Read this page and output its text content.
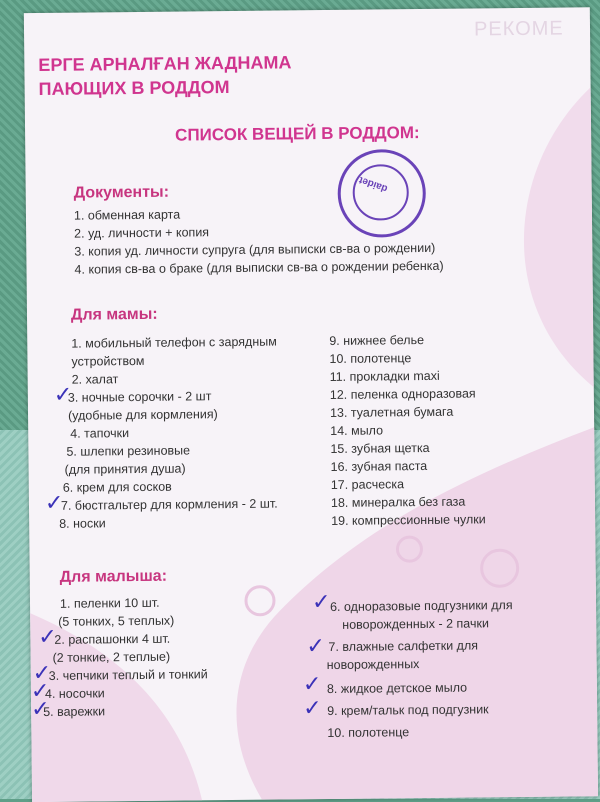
РЕКОМЕ
ЕРГЕ АРНАЛҒАН ЖАДНАМА
ПАЮЩИХ В РОДДОМ
СПИСОК ВЕЩЕЙ В РОДДОМ:
daidet
Документы:
1. обменная карта
2. уд. личности + копия
3. копия уд. личности супруга (для выписки св-ва о рождении)
4. копия св-ва о браке (для выписки св-ва о рождении ребенка)
Для мамы:
1. мобильный телефон с зарядным
устройством
2. халат
3. ночные сорочки - 2 шт
(удобные для кормления)
4. тапочки
5. шлепки резиновые
(для принятия душа)
6. крем для сосков
7. бюстгальтер для кормления - 2 шт.
8. носки
9. нижнее белье
10. полотенце
11. прокладки maxi
12. пеленка одноразовая
13. туалетная бумага
14. мыло
15. зубная щетка
16. зубная паста
17. расческа
18. минералка без газа
19. компрессионные чулки
Для малыша:
1. пеленки 10 шт.
(5 тонких, 5 теплых)
2. распашонки 4 шт.
(2 тонкие, 2 теплые)
3. чепчики теплый и тонкий
4. носочки
5. варежки
6. одноразовые подгузники для
новорожденных - 2 пачки
7. влажные салфетки для
новорожденных
8. жидкое детское мыло
9. крем/тальк под подгузник
10. полотенце
✓
✓
✓
✓
✓
✓
✓
✓
✓
✓
